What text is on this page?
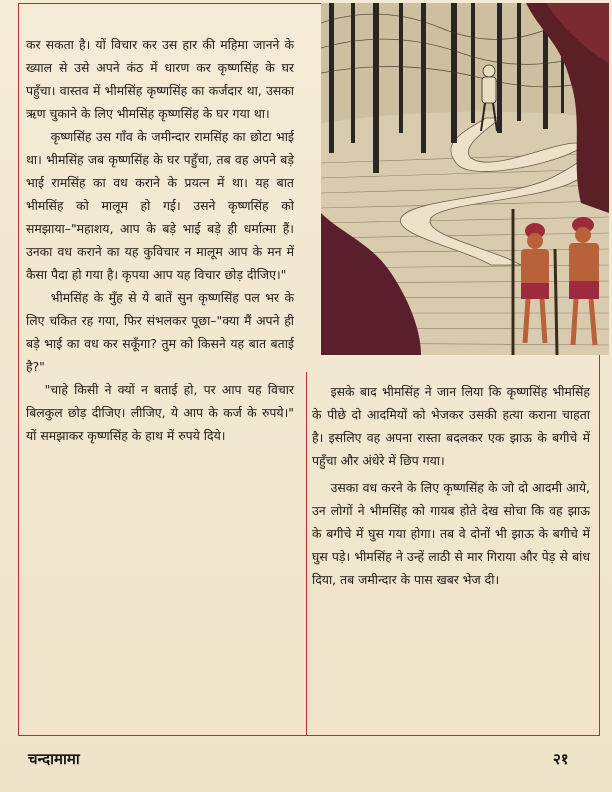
कर सकता है। यों विचार कर उस हार की महिमा जानने के ख्याल से उसे अपने कंठ में धारण कर कृष्णसिंह के घर पहुँचा। वास्तव में भीमसिंह कृष्णसिंह का कर्जदार था, उसका ऋण चुकाने के लिए भीमसिंह कृष्णसिंह के घर गया था।

कृष्णसिंह उस गाँव के जमीन्दार रामसिंह का छोटा भाई था। भीमसिंह जब कृष्णसिंह के घर पहुँचा, तब वह अपने बड़े भाई रामसिंह का वध कराने के प्रयत्न में था। यह बात भीमसिंह को मालूम हो गई। उसने कृष्णसिंह को समझाया–"महाशय, आप के बड़े भाई बड़े ही धर्मात्मा हैं। उनका वध कराने का यह कुविचार न मालूम आप के मन में कैसा पैदा हो गया है। कृपया आप यह विचार छोड़ दीजिए।"

भीमसिंह के मुँह से ये बातें सुन कृष्णसिंह पल भर के लिए चकित रह गया, फिर संभलकर पूछा–"क्या मैं अपने ही बड़े भाई का वध कर सकूँगा? तुम को किसने यह बात बताई है?"

"चाहे किसी ने क्यों न बताई हो, पर आप यह विचार बिलकुल छोड़ दीजिए। लीजिए, ये आप के कर्ज के रुपये।" यों समझाकर कृष्णसिंह के हाथ में रुपये दिये।

इसके बाद भीमसिंह ने जान लिया कि कृष्णसिंह भीमसिंह के पीछे दो आदमियों को भेजकर उसकी हत्या कराना चाहता है। इसलिए वह अपना रास्ता बदलकर एक झाऊ के बगीचे में पहुँचा और अंधेरे में छिप गया।

उसका वध करने के लिए कृष्णसिंह के जो दो आदमी आये, उन लोगों ने भीमसिंह को गायब होते देख सोचा कि वह झाऊ के बगीचे में घुस गया होगा। तब वे दोनों भी झाऊ के बगीचे में घुस पड़े। भीमसिंह ने उन्हें लाठी से मार गिराया और पेड़ से बांध दिया, तब जमीन्दार के पास खबर भेज दी।

चन्दामामा	२१
